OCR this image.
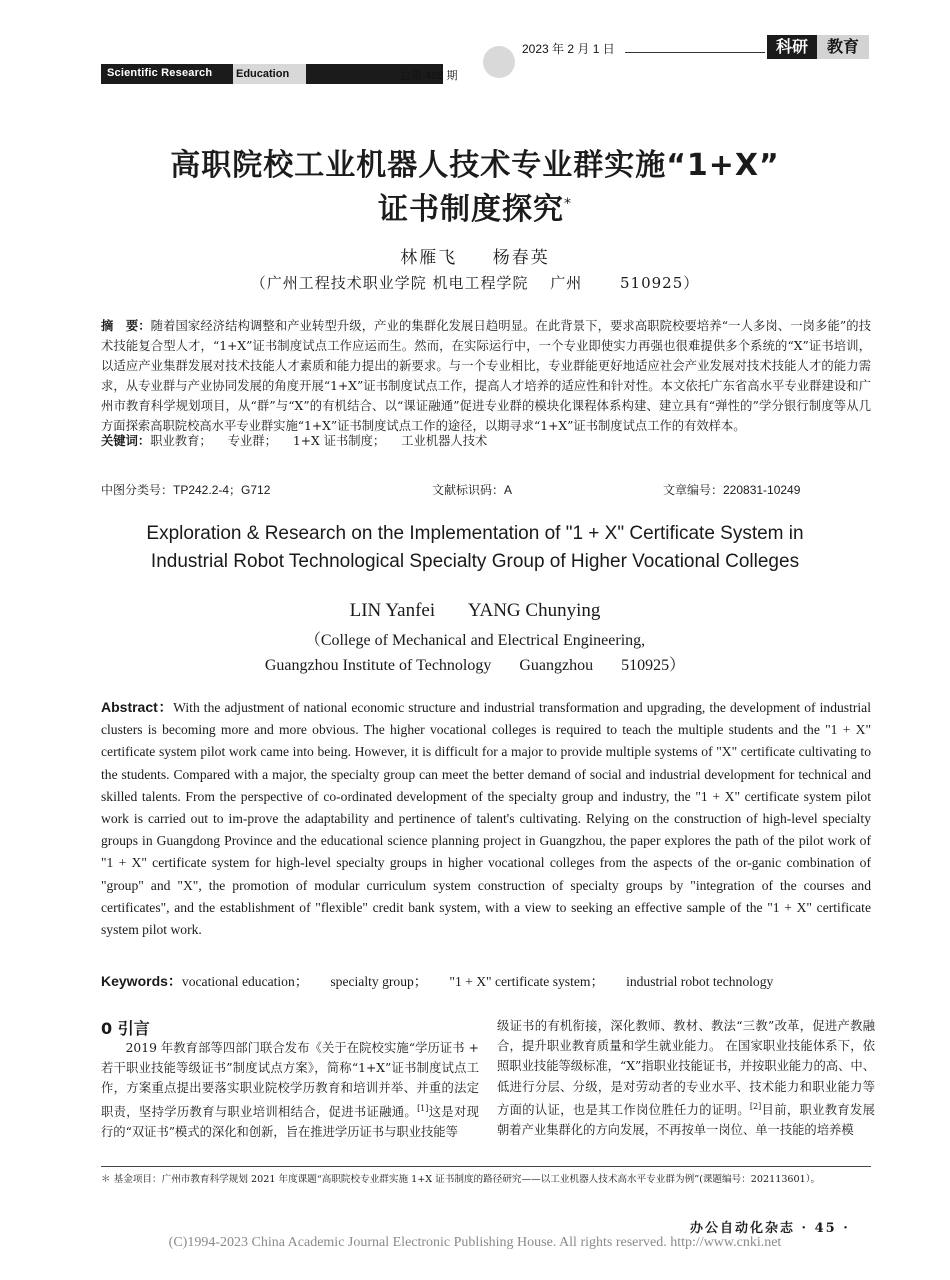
Scientific Research Education
2023 年 2 月 1 日
总第 488 期
科研	教育
高职院校工业机器人技术专业群实施“1+X”
证书制度探究*
林雁飞 杨春英
（广州工程技术职业学院 机电工程学院　 广州　　 510925）
摘　要：随着国家经济结构调整和产业转型升级，产业的集群化发展日趋明显。在此背景下，要求高职院校要培养“一人多岗、一岗多能”的技术技能复合型人才，“1+X”证书制度试点工作应运而生。然而，在实际运行中，一个专业即使实力再强也很难提供多个系统的“X”证书培训，以适应产业集群发展对技术技能人才素质和能力提出的新要求。与一个专业相比，专业群能更好地适应社会产业发展对技术技能人才的能力需求，从专业群与产业协同发展的角度开展“1+X”证书制度试点工作，提高人才培养的适应性和针对性。本文依托广东省高水平专业群建设和广州市教育科学规划项目，从“群”与“X”的有机结合、以“课证融通”促进专业群的模块化课程体系构建、建立具有“弹性的”学分银行制度等从几方面探索高职院校高水平专业群实施“1+X”证书制度试点工作的途径，以期寻求“1+X”证书制度试点工作的有效样本。
关键词：职业教育； 专业群； 1+X 证书制度； 工业机器人技术
中图分类号：TP242.2-4；G712	文献标识码：A	文章编号：220831-10249
Exploration & Research on the Implementation of "1 + X" Certificate System in
Industrial Robot Technological Specialty Group of Higher Vocational Colleges
LIN Yanfei YANG Chunying
（College of Mechanical and Electrical Engineering,
Guangzhou Institute of Technology Guangzhou 510925）
Abstract：With the adjustment of national economic structure and industrial transformation and upgrading, the development of industrial clusters is becoming more and more obvious. The higher vocational colleges is required to teach the multiple students and the "1 + X" certificate system pilot work came into being. However, it is difficult for a major to provide multiple systems of "X" certificate cultivating to the students. Compared with a major, the specialty group can meet the better demand of social and industrial development for technical and skilled talents. From the perspective of co-ordinated development of the specialty group and industry, the "1 + X" certificate system pilot work is carried out to im-prove the adaptability and pertinence of talent's cultivating. Relying on the construction of high-level specialty groups in Guangdong Province and the educational science planning project in Guangzhou, the paper explores the path of the pilot work of "1 + X" certificate system for high-level specialty groups in higher vocational colleges from the aspects of the or-ganic combination of "group" and "X", the promotion of modular curriculum system construction of specialty groups by "integration of the courses and certificates", and the establishment of "flexible" credit bank system, with a view to seeking an effective sample of the "1 + X" certificate system pilot work.
Keywords：vocational education； specialty group； "1 + X" certificate system； industrial robot technology
0 引言
2019 年教育部等四部门联合发布《关于在院校实施“学历证书 + 若干职业技能等级证书”制度试点方案》，简称“1+X”证书制度试点工作，方案重点提出要落实职业院校学历教育和培训并举、并重的法定职责，坚持学历教育与职业培训相结合，促进书证融通。[1]这是对现行的“双证书”模式的深化和创新，旨在推进学历证书与职业技能等
级证书的有机衔接，深化教师、教材、教法“三教”改革，促进产教融合，提升职业教育质量和学生就业能力。 在国家职业技能体系下，依照职业技能等级标准，“X”指职业技能证书，并按职业能力的高、中、低进行分层、分级，是对劳动者的专业水平、技术能力和职业能力等方面的认证，也是其工作岗位胜任力的证明。[2]目前，职业教育发展朝着产业集群化的方向发展，不再按单一岗位、单一技能的培养模
＊ 基金项目：广州市教育科学规划 2021 年度课题“高职院校专业群实施 1+X 证书制度的路径研究——以工业机器人技术高水平专业群为例”(课题编号：202113601）。
办公自动化杂志 · 45 ·
(C)1994-2023 China Academic Journal Electronic Publishing House. All rights reserved. http://www.cnki.net
